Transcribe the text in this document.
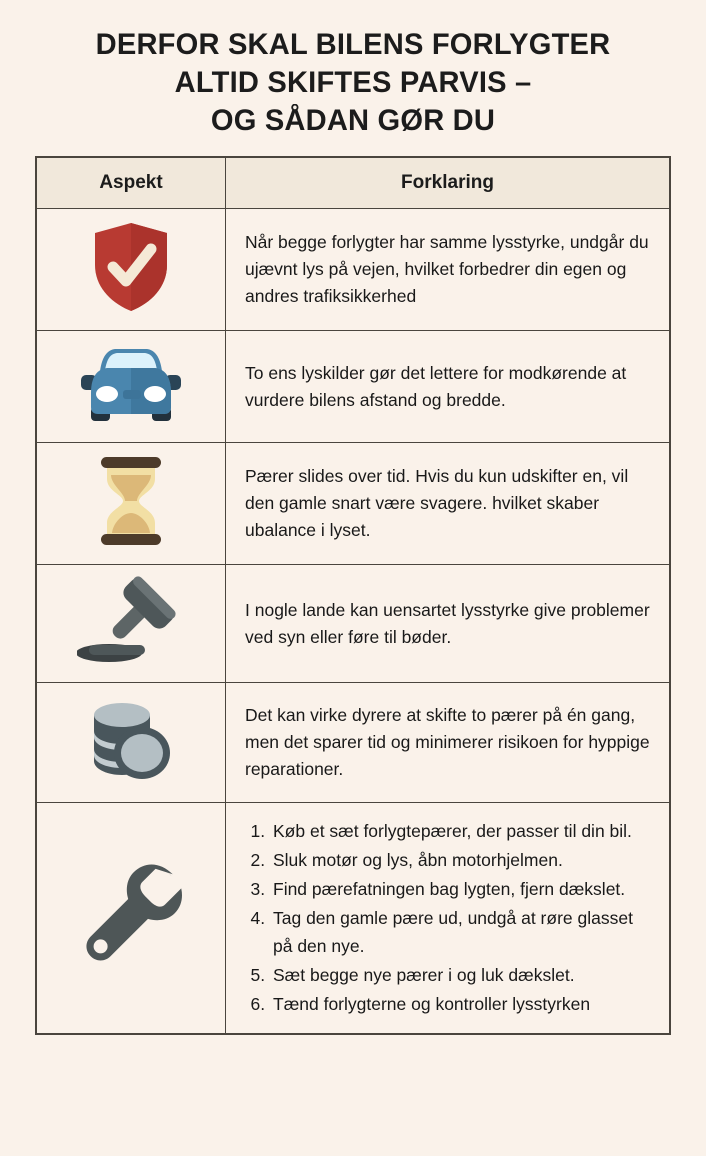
DERFOR SKAL BILENS FORLYGTER
ALTID SKIFTES PARVIS –
OG SÅDAN GØR DU
Aspekt	Forklaring

Når begge forlygter har samme lysstyrke, undgår du ujævnt lys på vejen, hvilket forbedrer din egen og andres trafiksikkerhed

To ens lyskilder gør det lettere for modkørende at vurdere bilens afstand og bredde.

Pærer slides over tid. Hvis du kun udskifter en, vil den gamle snart være svagere. hvilket skaber ubalance i lyset.

I nogle lande kan uensartet lysstyrke give problemer ved syn eller føre til bøder.

Det kan virke dyrere at skifte to pærer på én gang, men det sparer tid og minimerer risikoen for hyppige reparationer.

1. Køb et sæt forlygtepærer, der passer til din bil.
2. Sluk motør og lys, åbn motorhjelmen.
3. Find pærefatningen bag lygten, fjern dækslet.
4. Tag den gamle pære ud, undgå at røre glasset på den nye.
5. Sæt begge nye pærer i og luk dækslet.
6. Tænd forlygterne og kontroller lysstyrken
